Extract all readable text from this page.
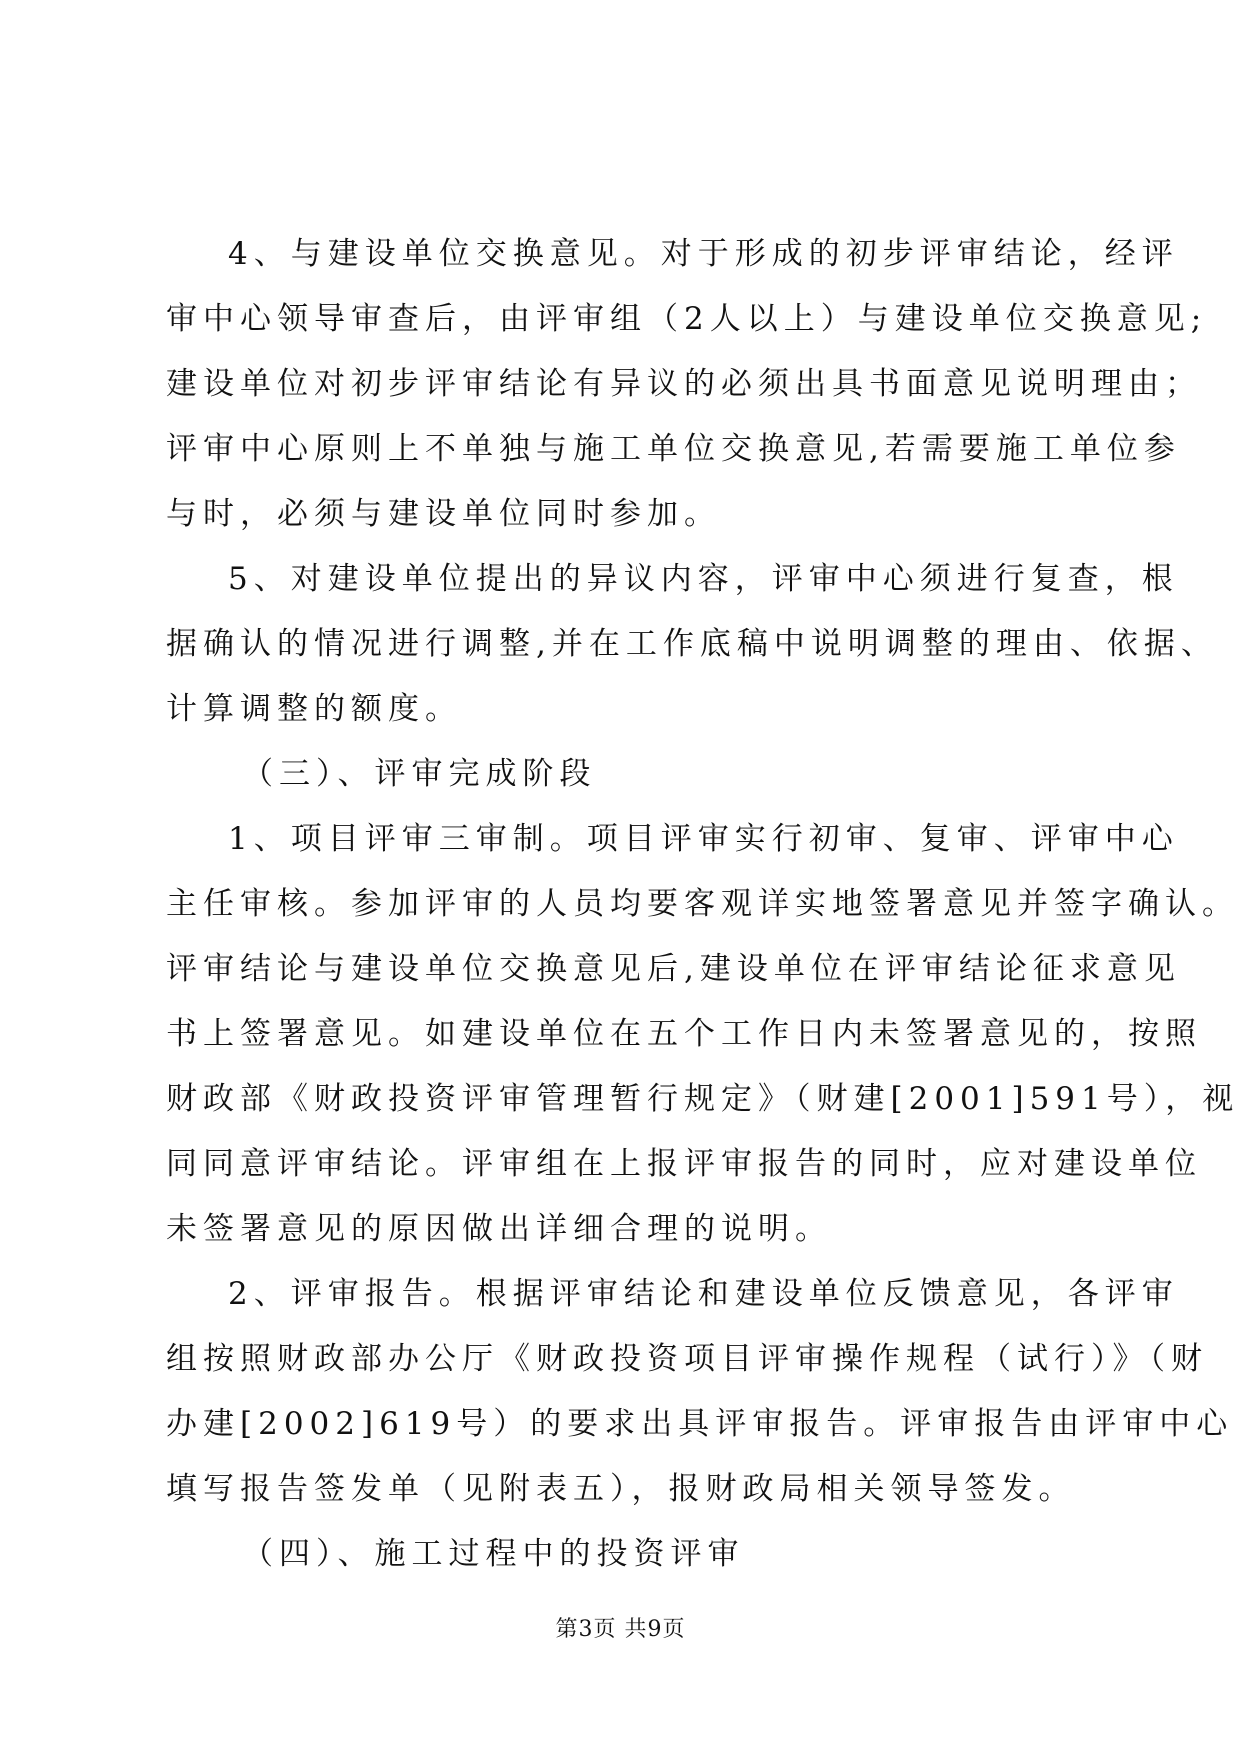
4、与建设单位交换意见。对于形成的初步评审结论，经评
审中心领导审查后，由评审组（2人以上）与建设单位交换意见;
建设单位对初步评审结论有异议的必须出具书面意见说明理由；
评审中心原则上不单独与施工单位交换意见,若需要施工单位参
与时，必须与建设单位同时参加。
5、对建设单位提出的异议内容，评审中心须进行复查，根
据确认的情况进行调整,并在工作底稿中说明调整的理由、依据、
计算调整的额度。
（三）、评审完成阶段
1、项目评审三审制。项目评审实行初审、复审、评审中心
主任审核。参加评审的人员均要客观详实地签署意见并签字确认。
评审结论与建设单位交换意见后,建设单位在评审结论征求意见
书上签署意见。如建设单位在五个工作日内未签署意见的，按照
财政部《财政投资评审管理暂行规定》（财建[2001]591号），视
同同意评审结论。评审组在上报评审报告的同时，应对建设单位
未签署意见的原因做出详细合理的说明。
2、评审报告。根据评审结论和建设单位反馈意见，各评审
组按照财政部办公厅《财政投资项目评审操作规程（试行）》（财
办建[2002]619号）的要求出具评审报告。评审报告由评审中心
填写报告签发单（见附表五），报财政局相关领导签发。
（四）、施工过程中的投资评审
第3页 共9页
